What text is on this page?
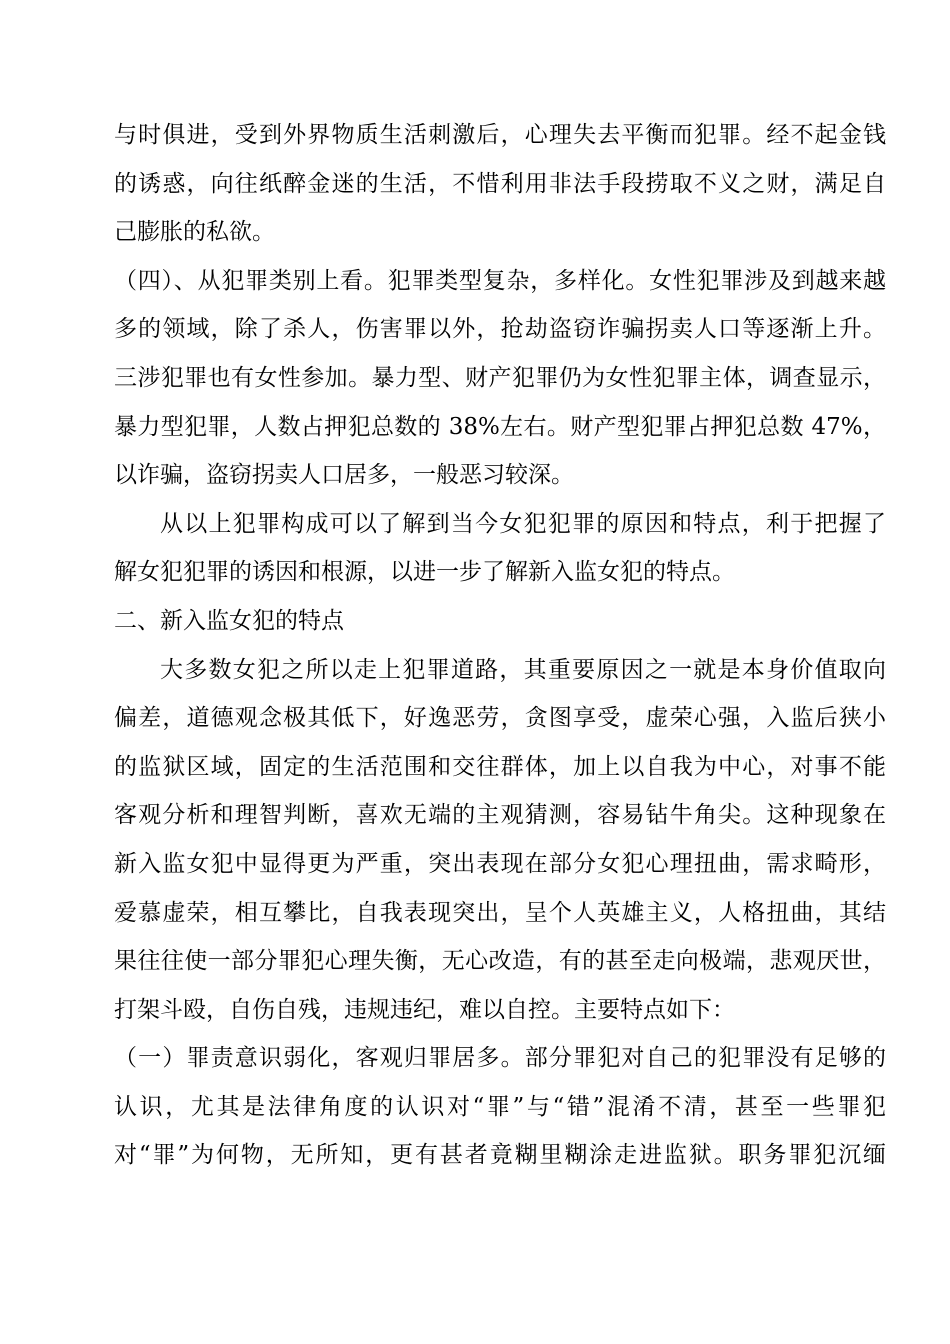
与时俱进，受到外界物质生活刺激后，心理失去平衡而犯罪。经不起金钱
的诱惑，向往纸醉金迷的生活，不惜利用非法手段捞取不义之财，满足自
己膨胀的私欲。
（四）、从犯罪类别上看。犯罪类型复杂，多样化。女性犯罪涉及到越来越
多的领域，除了杀人，伤害罪以外，抢劫盗窃诈骗拐卖人口等逐渐上升。
三涉犯罪也有女性参加。暴力型、财产犯罪仍为女性犯罪主体，调查显示，
暴力型犯罪，人数占押犯总数的 38%左右。财产型犯罪占押犯总数 47%，
以诈骗，盗窃拐卖人口居多，一般恶习较深。
从以上犯罪构成可以了解到当今女犯犯罪的原因和特点，利于把握了
解女犯犯罪的诱因和根源，以进一步了解新入监女犯的特点。
二、新入监女犯的特点
大多数女犯之所以走上犯罪道路，其重要原因之一就是本身价值取向
偏差，道德观念极其低下，好逸恶劳，贪图享受，虚荣心强，入监后狭小
的监狱区域，固定的生活范围和交往群体，加上以自我为中心，对事不能
客观分析和理智判断，喜欢无端的主观猜测，容易钻牛角尖。这种现象在
新入监女犯中显得更为严重，突出表现在部分女犯心理扭曲，需求畸形，
爱慕虚荣，相互攀比，自我表现突出，呈个人英雄主义，人格扭曲，其结
果往往使一部分罪犯心理失衡，无心改造，有的甚至走向极端，悲观厌世，
打架斗殴，自伤自残，违规违纪，难以自控。主要特点如下：
（一）罪责意识弱化，客观归罪居多。部分罪犯对自己的犯罪没有足够的
认识，尤其是法律角度的认识对“罪”与“错”混淆不清，甚至一些罪犯
对“罪”为何物，无所知，更有甚者竟糊里糊涂走进监狱。职务罪犯沉缅
